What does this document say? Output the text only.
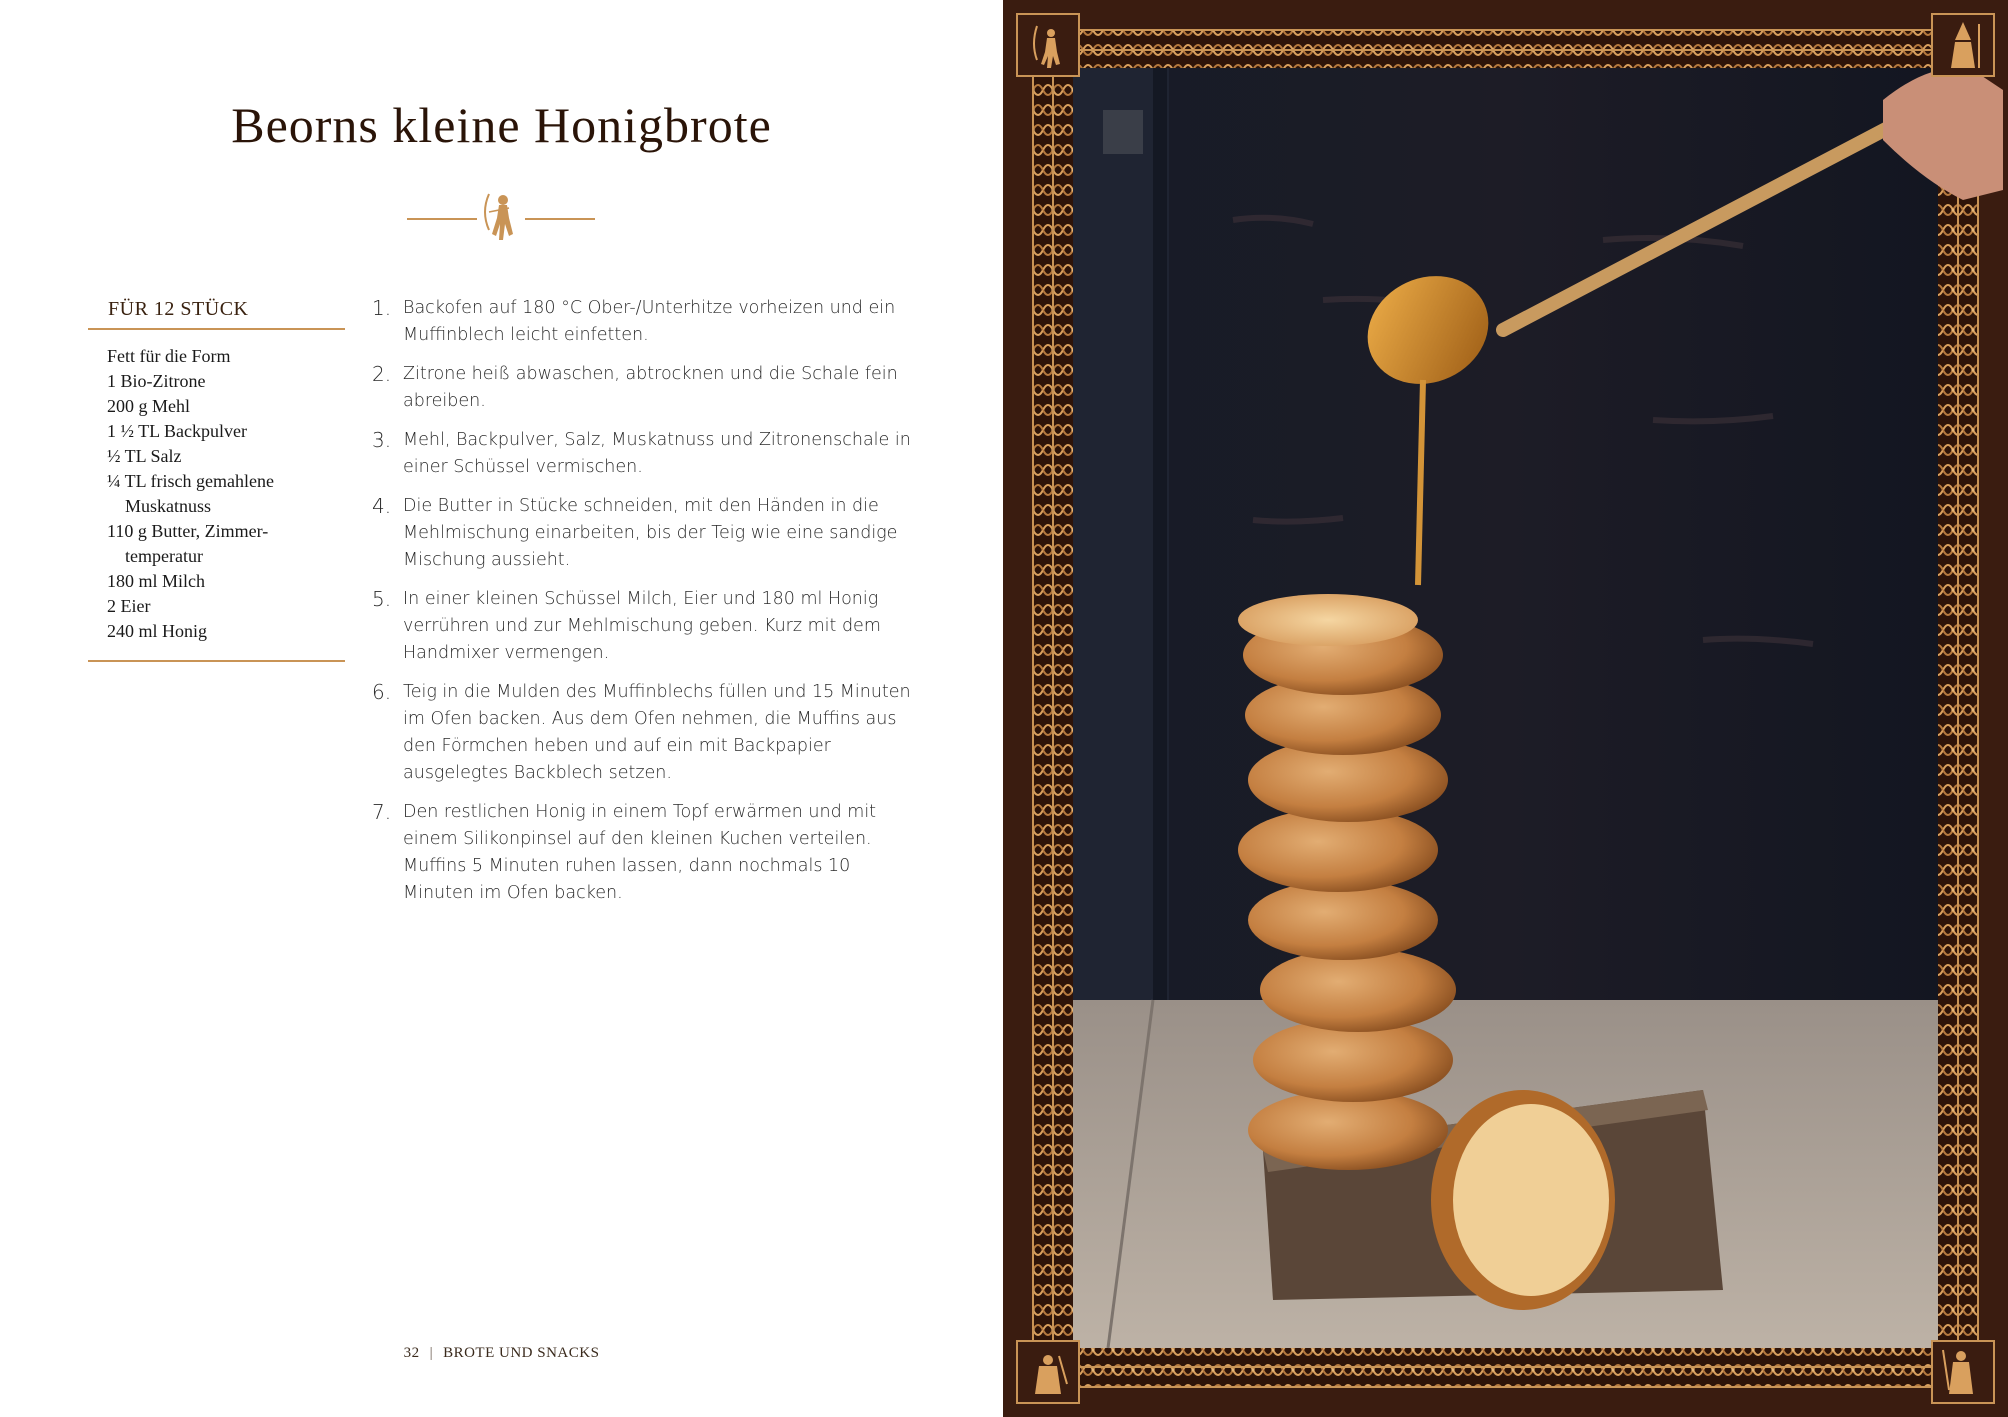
Beorns kleine Honigbrote
FÜR 12 STÜCK
Fett für die Form
1 Bio-Zitrone
200 g Mehl
1 ½ TL Backpulver
½ TL Salz
¼ TL frisch gemahlene Muskatnuss
110 g Butter, Zimmer-temperatur
180 ml Milch
2 Eier
240 ml Honig
1. Backofen auf 180 °C Ober-/Unterhitze vorheizen und ein Muffinblech leicht einfetten.
2. Zitrone heiß abwaschen, abtrocknen und die Schale fein abreiben.
3. Mehl, Backpulver, Salz, Muskatnuss und Zitronenschale in einer Schüssel vermischen.
4. Die Butter in Stücke schneiden, mit den Händen in die Mehlmischung einarbeiten, bis der Teig wie eine sandige Mischung aussieht.
5. In einer kleinen Schüssel Milch, Eier und 180 ml Honig verrühren und zur Mehlmischung geben. Kurz mit dem Handmixer vermengen.
6. Teig in die Mulden des Muffinblechs füllen und 15 Minuten im Ofen backen. Aus dem Ofen nehmen, die Muffins aus den Förmchen heben und auf ein mit Backpapier ausgelegtes Backblech setzen.
7. Den restlichen Honig in einem Topf erwärmen und mit einem Silikonpinsel auf den kleinen Kuchen verteilen. Muffins 5 Minuten ruhen lassen, dann nochmals 10 Minuten im Ofen backen.
32 | BROTE UND SNACKS
